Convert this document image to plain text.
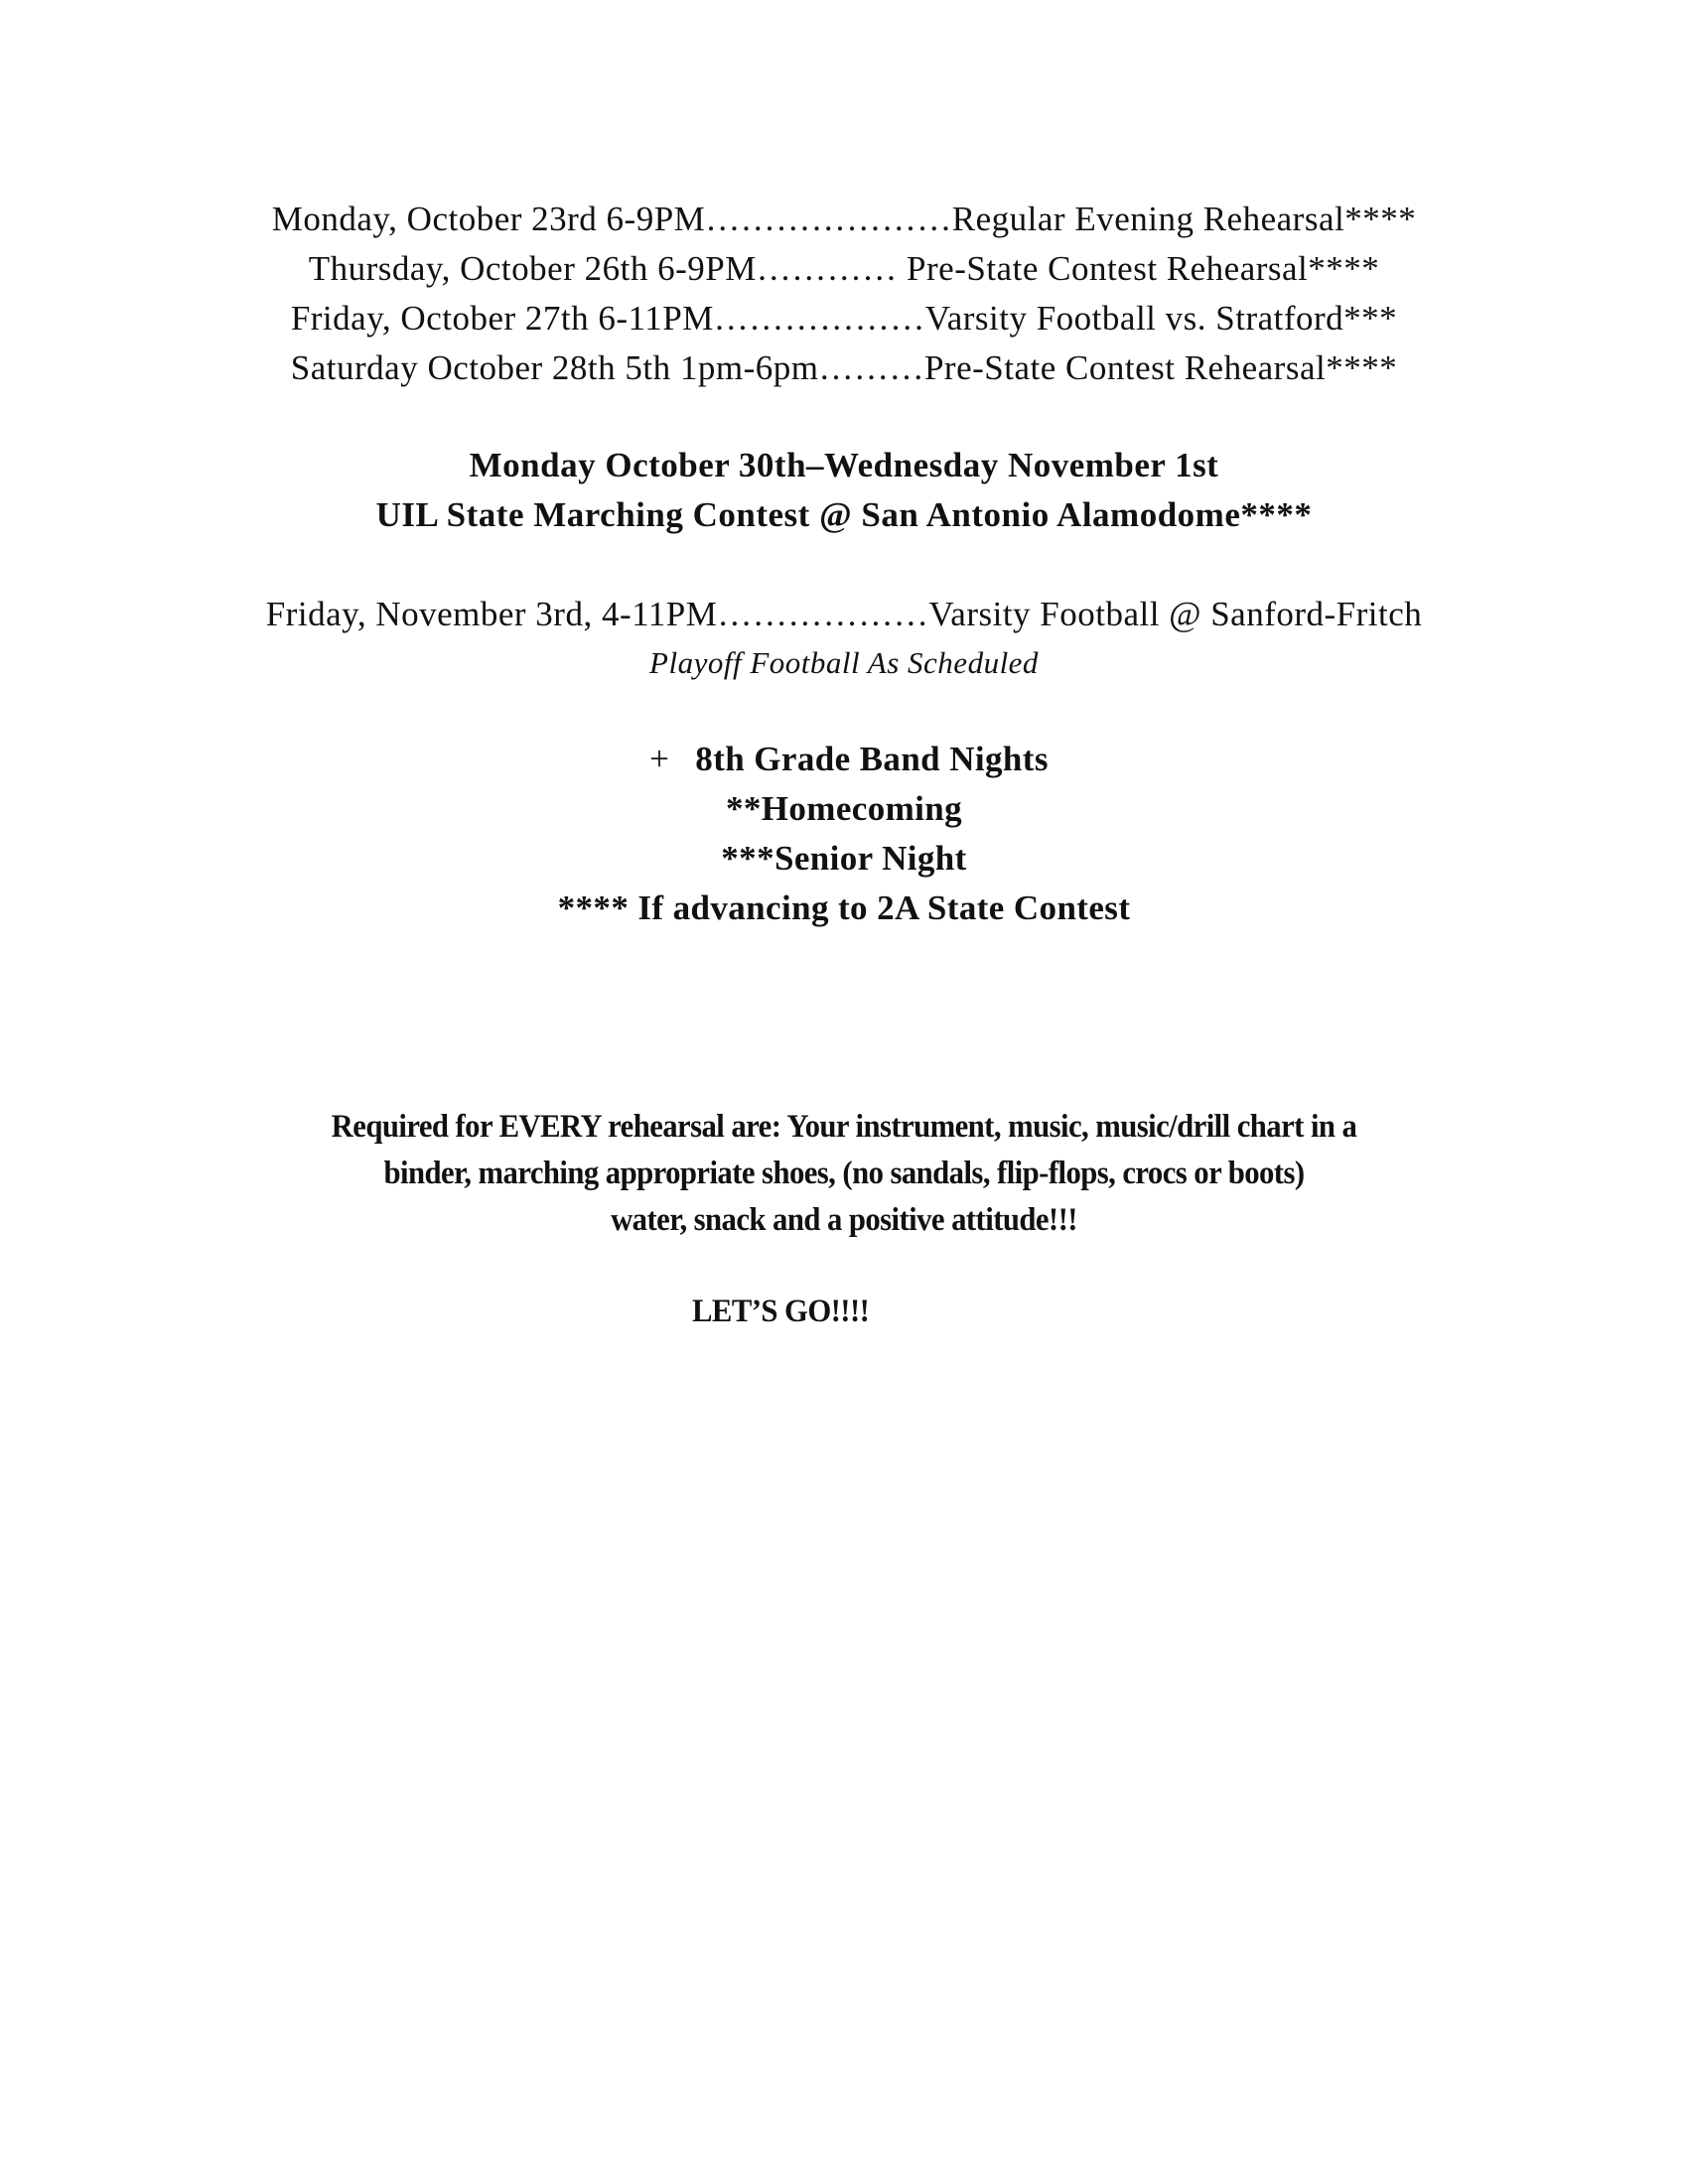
Monday, October 23rd 6-9PM…………………Regular Evening Rehearsal****
Thursday, October 26th 6-9PM………… Pre-State Contest Rehearsal****
Friday, October 27th 6-11PM………………Varsity Football vs. Stratford***
Saturday October 28th 5th 1pm-6pm………Pre-State Contest Rehearsal****
Monday October 30th–Wednesday November 1st
UIL State Marching Contest @ San Antonio Alamodome****
Friday, November 3rd, 4-11PM………………Varsity Football @ Sanford-Fritch
Playoff Football As Scheduled
+ 8th Grade Band Nights
**Homecoming
***Senior Night
**** If advancing to 2A State Contest
Required for EVERY rehearsal are: Your instrument, music, music/drill chart in a
binder, marching appropriate shoes, (no sandals, flip-flops, crocs or boots)
water, snack and a positive attitude!!!
LET’S GO!!!!
